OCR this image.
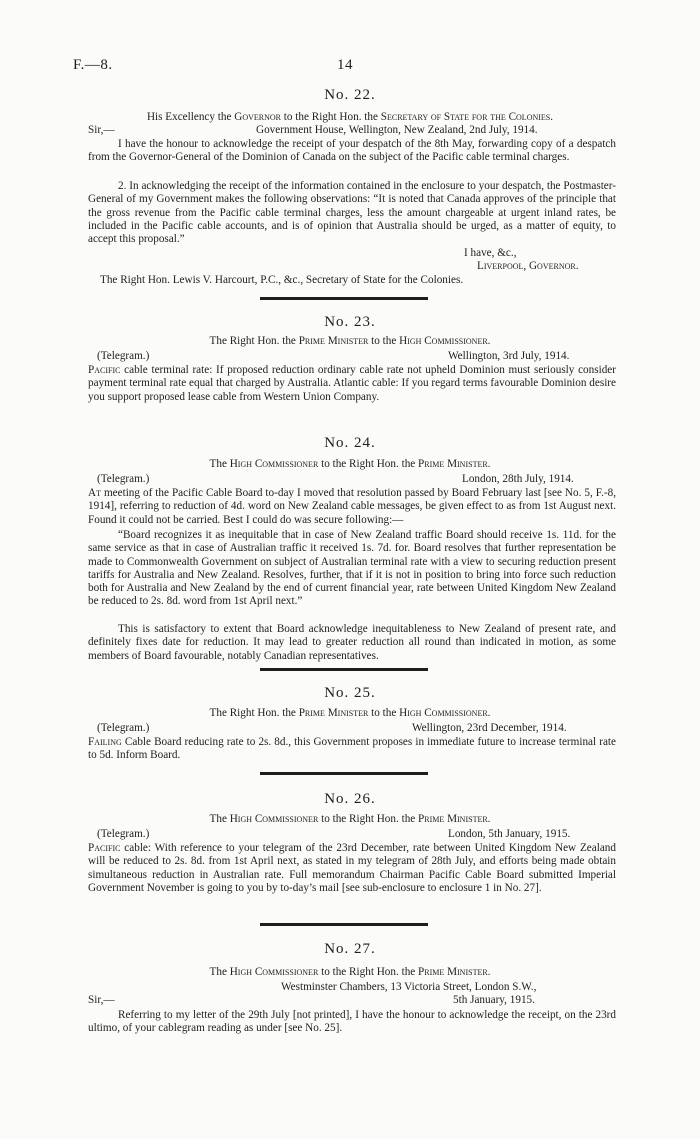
F.—8.	14

No. 22.

His Excellency the Governor to the Right Hon. the Secretary of State for the Colonies.

Sir,—	Government House, Wellington, New Zealand, 2nd July, 1914.

I have the honour to acknowledge the receipt of your despatch of the 8th May, forwarding copy of a despatch from the Governor-General of the Dominion of Canada on the subject of the Pacific cable terminal charges.

2. In acknowledging the receipt of the information contained in the enclosure to your despatch, the Postmaster-General of my Government makes the following observations: “It is noted that Canada approves of the principle that the gross revenue from the Pacific cable terminal charges, less the amount chargeable at urgent inland rates, be included in the Pacific cable accounts, and is of opinion that Australia should be urged, as a matter of equity, to accept this proposal.”

I have, &c.,
Liverpool, Governor.
The Right Hon. Lewis V. Harcourt, P.C., &c., Secretary of State for the Colonies.

No. 23.

The Right Hon. the Prime Minister to the High Commissioner.

(Telegram.)	Wellington, 3rd July, 1914.

Pacific cable terminal rate: If proposed reduction ordinary cable rate not upheld Dominion must seriously consider payment terminal rate equal that charged by Australia. Atlantic cable: If you regard terms favourable Dominion desire you support proposed lease cable from Western Union Company.

No. 24.

The High Commissioner to the Right Hon. the Prime Minister.

(Telegram.)	London, 28th July, 1914.

At meeting of the Pacific Cable Board to-day I moved that resolution passed by Board February last [see No. 5, F.-8, 1914], referring to reduction of 4d. word on New Zealand cable messages, be given effect to as from 1st August next. Found it could not be carried. Best I could do was secure following:—

“Board recognizes it as inequitable that in case of New Zealand traffic Board should receive 1s. 11d. for the same service as that in case of Australian traffic it received 1s. 7d. for. Board resolves that further representation be made to Commonwealth Government on subject of Australian terminal rate with a view to securing reduction present tariffs for Australia and New Zealand. Resolves, further, that if it is not in position to bring into force such reduction both for Australia and New Zealand by the end of current financial year, rate between United Kingdom New Zealand be reduced to 2s. 8d. word from 1st April next.”

This is satisfactory to extent that Board acknowledge inequitableness to New Zealand of present rate, and definitely fixes date for reduction. It may lead to greater reduction all round than indicated in motion, as some members of Board favourable, notably Canadian representatives.

No. 25.

The Right Hon. the Prime Minister to the High Commissioner.

(Telegram.)	Wellington, 23rd December, 1914.

Failing Cable Board reducing rate to 2s. 8d., this Government proposes in immediate future to increase terminal rate to 5d. Inform Board.

No. 26.

The High Commissioner to the Right Hon. the Prime Minister.

(Telegram.)	London, 5th January, 1915.

Pacific cable: With reference to your telegram of the 23rd December, rate between United Kingdom New Zealand will be reduced to 2s. 8d. from 1st April next, as stated in my telegram of 28th July, and efforts being made obtain simultaneous reduction in Australian rate. Full memorandum Chairman Pacific Cable Board submitted Imperial Government November is going to you by to-day’s mail [see sub-enclosure to enclosure 1 in No. 27].

No. 27.

The High Commissioner to the Right Hon. the Prime Minister.

Westminster Chambers, 13 Victoria Street, London S.W.,
Sir,—	5th January, 1915.

Referring to my letter of the 29th July [not printed], I have the honour to acknowledge the receipt, on the 23rd ultimo, of your cablegram reading as under [see No. 25].
